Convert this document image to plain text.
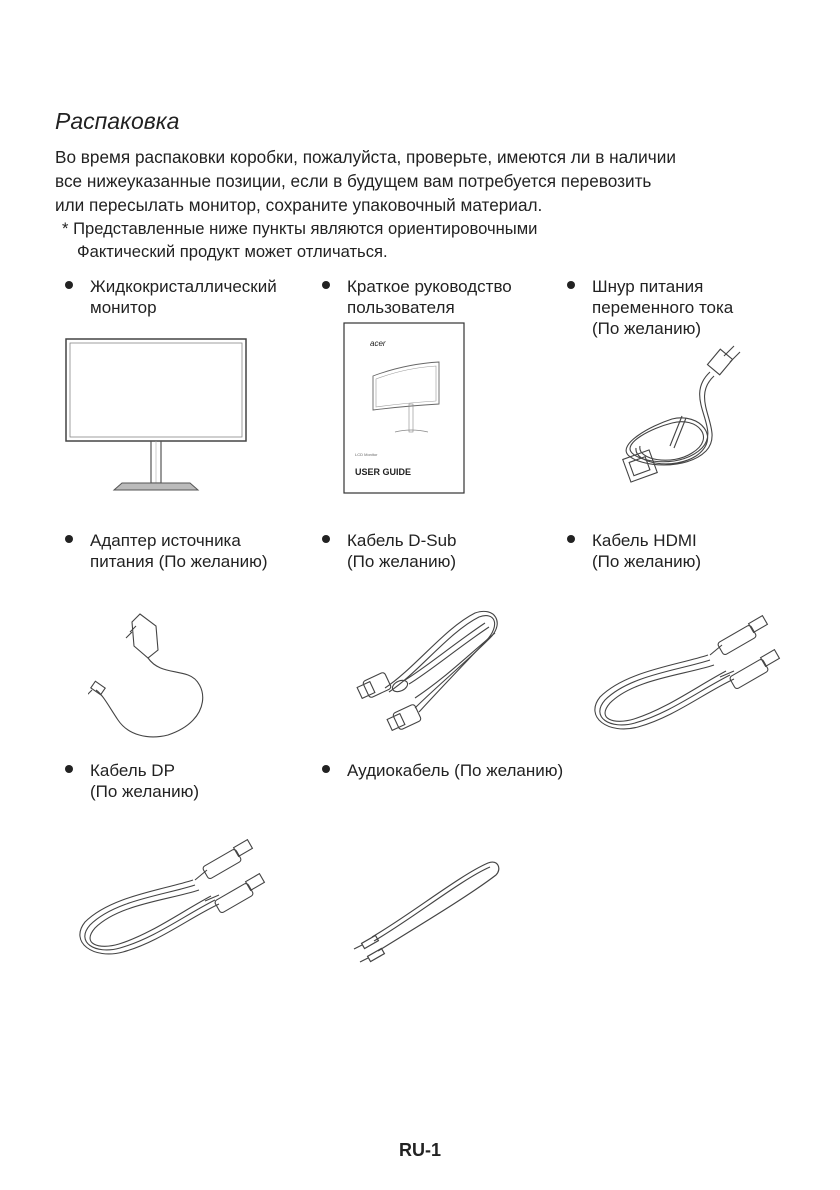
Распаковка
Во время распаковки коробки, пожалуйста, проверьте, имеются ли в наличии
все нижеуказанные позиции, если в будущем вам потребуется перевозить
или пересылать монитор, сохраните упаковочный материал.
* Представленные ниже пункты являются ориентировочными
Фактический продукт может отличаться.
Жидкокристаллический
монитор
Краткое руководство
пользователя
Шнур питания
переменного тока
(По желанию)
acer
LCD Monitor
USER GUIDE
Адаптер источника
питания (По желанию)
Кабель D-Sub
(По желанию)
Кабель HDMI
(По желанию)
Кабель DP
(По желанию)
Аудиокабель (По желанию)
RU-1
